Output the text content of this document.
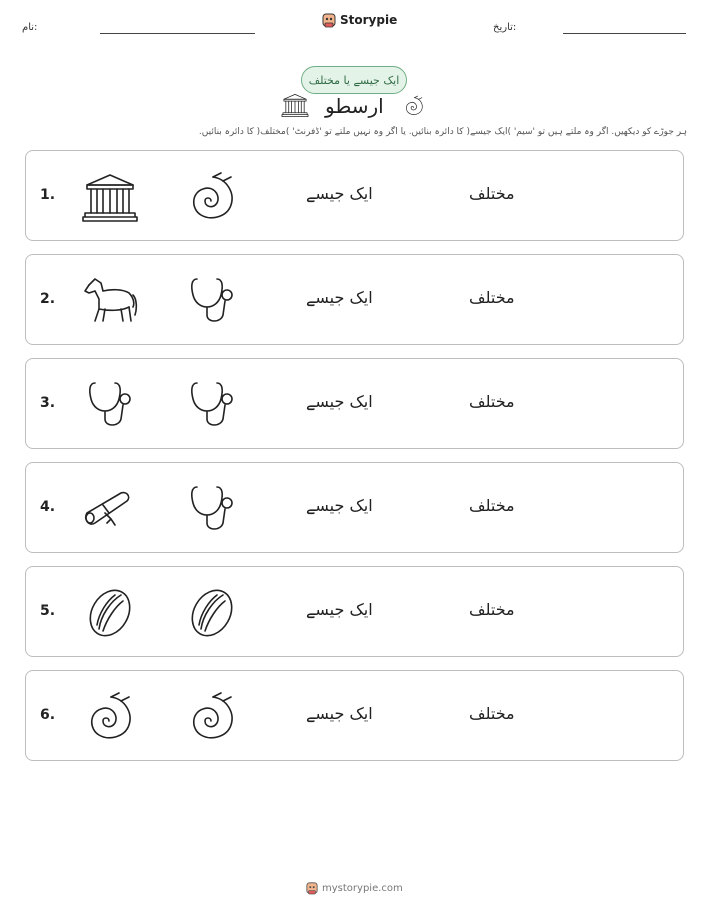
نام:
Storypie
تاریخ:
ایک جیسے یا مختلف
ارسطو
ہر جوڑے کو دیکھیں. اگر وہ ملتے ہیں تو 'سیم' )ایک جیسے( کا دائرہ بنائیں. یا اگر وہ نہیں ملتے تو 'ڈفرنٹ' )مختلف( کا دائرہ بنائیں.
1.	ایک جیسے	مختلف
2.	ایک جیسے	مختلف
3.	ایک جیسے	مختلف
4.	ایک جیسے	مختلف
5.	ایک جیسے	مختلف
6.	ایک جیسے	مختلف
mystorypie.com
